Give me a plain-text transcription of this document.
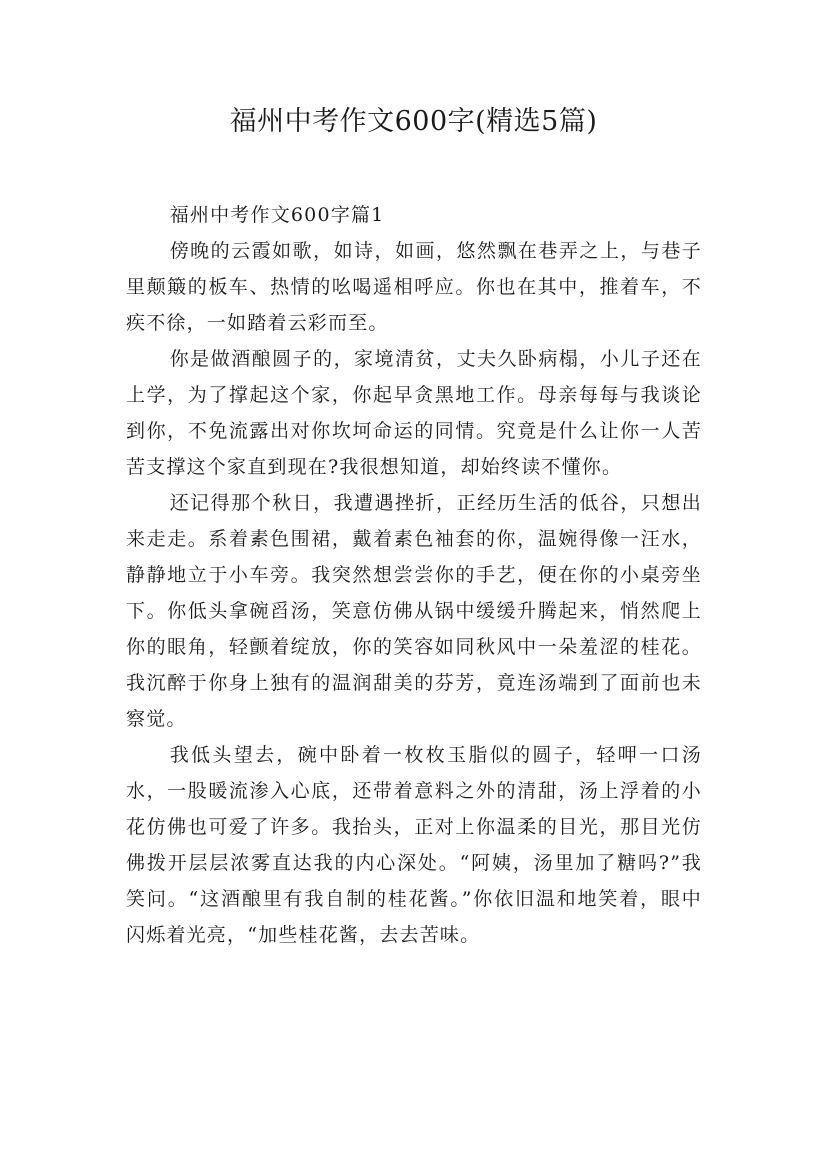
福州中考作文600字(精选5篇)

福州中考作文600字篇1

傍晚的云霞如歌，如诗，如画，悠然飘在巷弄之上，与巷子里颠簸的板车、热情的吆喝遥相呼应。你也在其中，推着车，不疾不徐，一如踏着云彩而至。

你是做酒酿圆子的，家境清贫，丈夫久卧病榻，小儿子还在上学，为了撑起这个家，你起早贪黑地工作。母亲每每与我谈论到你，不免流露出对你坎坷命运的同情。究竟是什么让你一人苦苦支撑这个家直到现在?我很想知道，却始终读不懂你。

还记得那个秋日，我遭遇挫折，正经历生活的低谷，只想出来走走。系着素色围裙，戴着素色袖套的你，温婉得像一汪水，静静地立于小车旁。我突然想尝尝你的手艺，便在你的小桌旁坐下。你低头拿碗舀汤，笑意仿佛从锅中缓缓升腾起来，悄然爬上你的眼角，轻颤着绽放，你的笑容如同秋风中一朵羞涩的桂花。我沉醉于你身上独有的温润甜美的芬芳，竟连汤端到了面前也未察觉。

我低头望去，碗中卧着一枚枚玉脂似的圆子，轻呷一口汤水，一股暖流渗入心底，还带着意料之外的清甜，汤上浮着的小花仿佛也可爱了许多。我抬头，正对上你温柔的目光，那目光仿佛拨开层层浓雾直达我的内心深处。“阿姨，汤里加了糖吗?”我笑问。“这酒酿里有我自制的桂花酱。”你依旧温和地笑着，眼中闪烁着光亮，“加些桂花酱，去去苦味。
